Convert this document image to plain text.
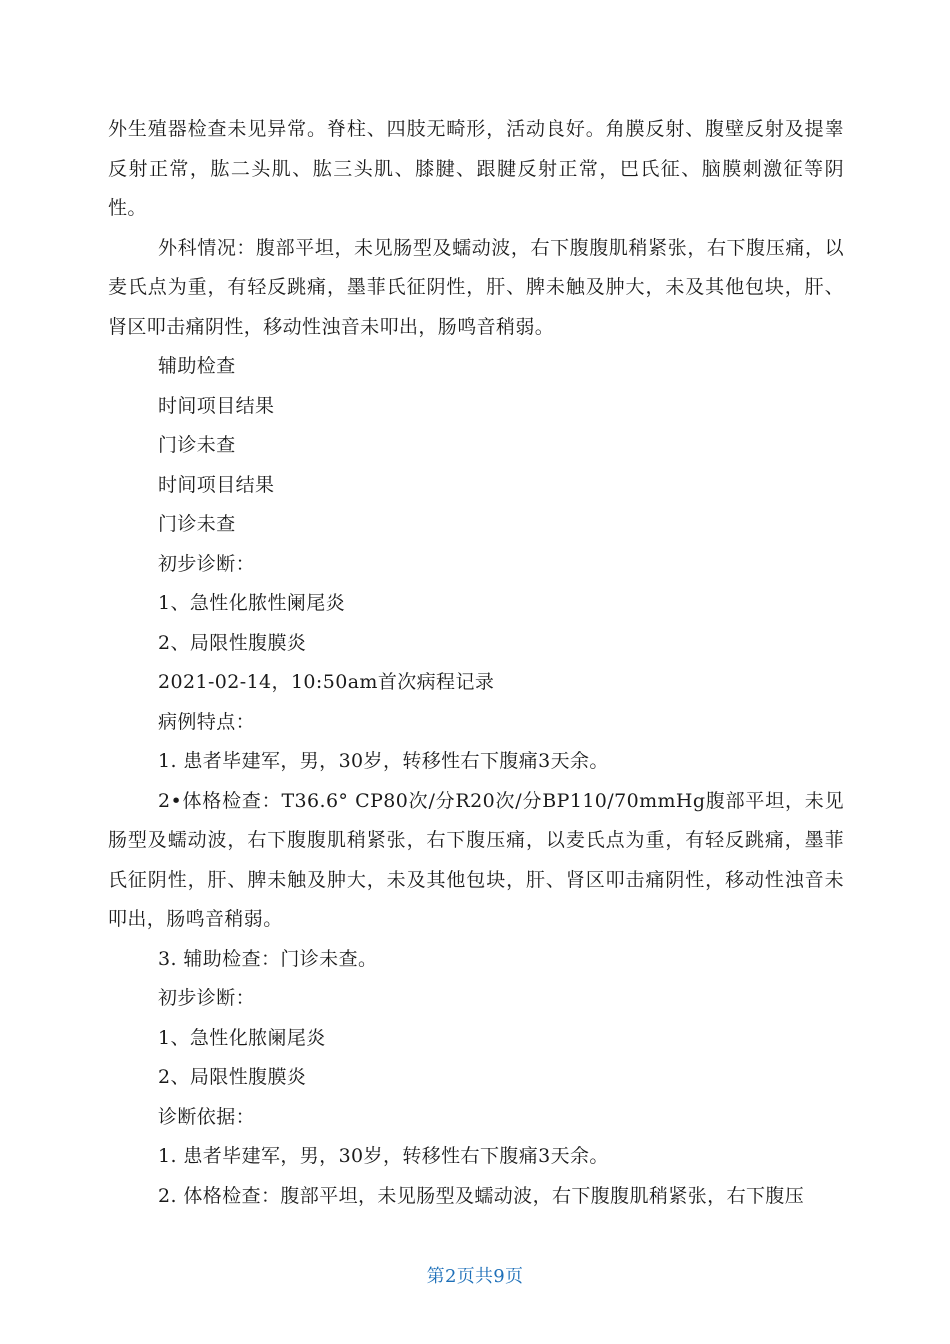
外生殖器检查未见异常。脊柱、四肢无畸形，活动良好。角膜反射、腹壁反射及提睾反射正常，肱二头肌、肱三头肌、膝腱、跟腱反射正常，巴氏征、脑膜刺激征等阴性。

外科情况：腹部平坦，未见肠型及蠕动波，右下腹腹肌稍紧张，右下腹压痛，以麦氏点为重，有轻反跳痛，墨菲氏征阴性，肝、脾未触及肿大，未及其他包块，肝、肾区叩击痛阴性，移动性浊音未叩出，肠鸣音稍弱。

辅助检查

时间项目结果

门诊未查

时间项目结果

门诊未查

初步诊断：

1、急性化脓性阑尾炎

2、局限性腹膜炎

2021-02-14，10:50am首次病程记录

病例特点：

1. 患者毕建军，男，30岁，转移性右下腹痛3天余。

2•体格检查：T36.6° CP80次/分R20次/分BP110/70mmHg腹部平坦，未见肠型及蠕动波，右下腹腹肌稍紧张，右下腹压痛，以麦氏点为重，有轻反跳痛，墨菲氏征阴性，肝、脾未触及肿大，未及其他包块，肝、肾区叩击痛阴性，移动性浊音未叩出，肠鸣音稍弱。

3. 辅助检查：门诊未查。

初步诊断：

1、急性化脓阑尾炎

2、局限性腹膜炎

诊断依据：

1. 患者毕建军，男，30岁，转移性右下腹痛3天余。

2. 体格检查：腹部平坦，未见肠型及蠕动波，右下腹腹肌稍紧张，右下腹压

第2页共9页
